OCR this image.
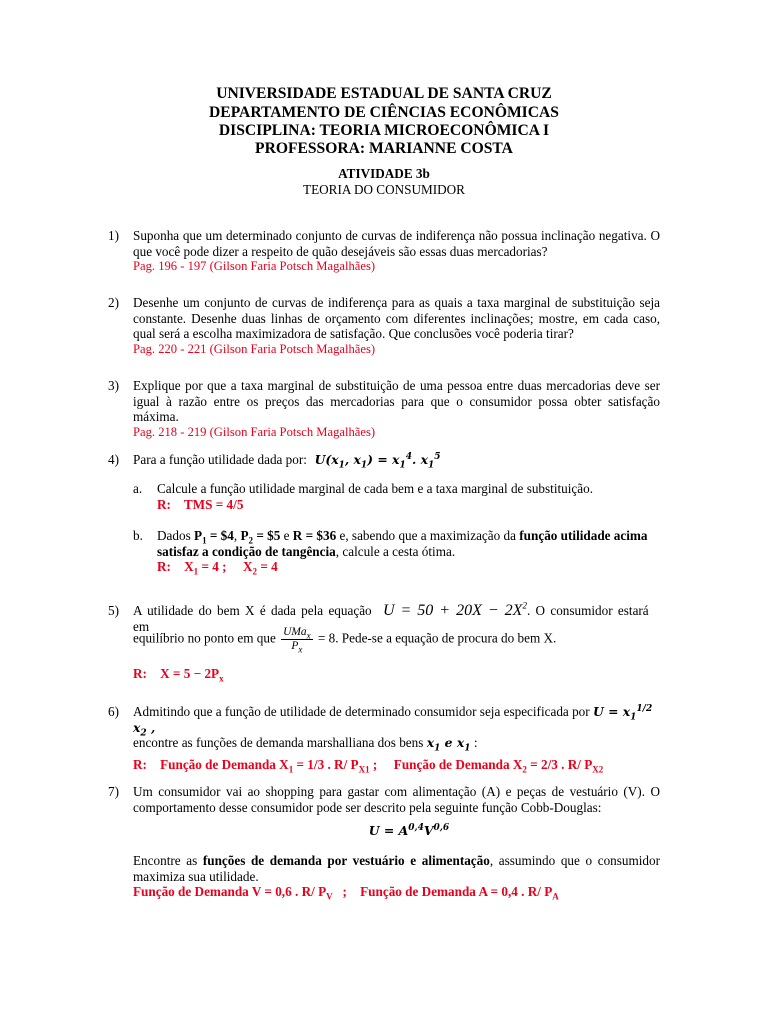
UNIVERSIDADE ESTADUAL DE SANTA CRUZ
DEPARTAMENTO DE CIÊNCIAS ECONÔMICAS
DISCIPLINA: TEORIA MICROECONÔMICA I
PROFESSORA: MARIANNE COSTA
ATIVIDADE 3b
TEORIA DO CONSUMIDOR
1)	Suponha que um determinado conjunto de curvas de indiferença não possua inclinação negativa. O que você pode dizer a respeito de quão desejáveis são essas duas mercadorias?
Pag. 196 - 197 (Gilson Faria Potsch Magalhães)
2)	Desenhe um conjunto de curvas de indiferença para as quais a taxa marginal de substituição seja constante. Desenhe duas linhas de orçamento com diferentes inclinações; mostre, em cada caso, qual será a escolha maximizadora de satisfação. Que conclusões você poderia tirar?
Pag. 220 - 221 (Gilson Faria Potsch Magalhães)
3)	Explique por que a taxa marginal de substituição de uma pessoa entre duas mercadorias deve ser igual à razão entre os preços das mercadorias para que o consumidor possa obter satisfação máxima.
Pag. 218 - 219 (Gilson Faria Potsch Magalhães)
4)	Para a função utilidade dada por: $U(x_1$, $x_1) = x_1^4$. $x_1^5$
a. Calcule a função utilidade marginal de cada bem e a taxa marginal de substituição.
R: TMS = 4/5
b. Dados $P_1$ = $4, $P_2$ = $5 e R = $36 e, sabendo que a maximização da função utilidade acima satisfaz a condição de tangência, calcule a cesta ótima.
R: $X_1 = 4$ ; $X_2 = 4$
5)	A utilidade do bem X é dada pela equação $U = 50 + 20X - 2X^2$. O consumidor estará em
equilíbrio no ponto em que $\frac{UMa_x}{P_x} = 8$. Pede-se a equação de procura do bem X.
R: $X = 5 - 2P_x$
6)	Admitindo que a função de utilidade de determinado consumidor seja especificada por $U = x_1^{1/2}$ $x_2$ ,
encontre as funções de demanda marshalliana dos bens $x_1$ e $x_1$ :
R: Função de Demanda $X_1 = 1/3$ . R/ $P_{X1}$ ; Função de Demanda $X_2 = 2/3$ . R/ $P_{X2}$
7)	Um consumidor vai ao shopping para gastar com alimentação (A) e peças de vestuário (V). O comportamento desse consumidor pode ser descrito pela seguinte função Cobb-Douglas:
$U = A^{0,4}V^{0,6}$
Encontre as funções de demanda por vestuário e alimentação, assumindo que o consumidor maximiza sua utilidade.
Função de Demanda V = 0,6 . R/ $P_V$   ; Função de Demanda A = 0,4 . R/ $P_A$
